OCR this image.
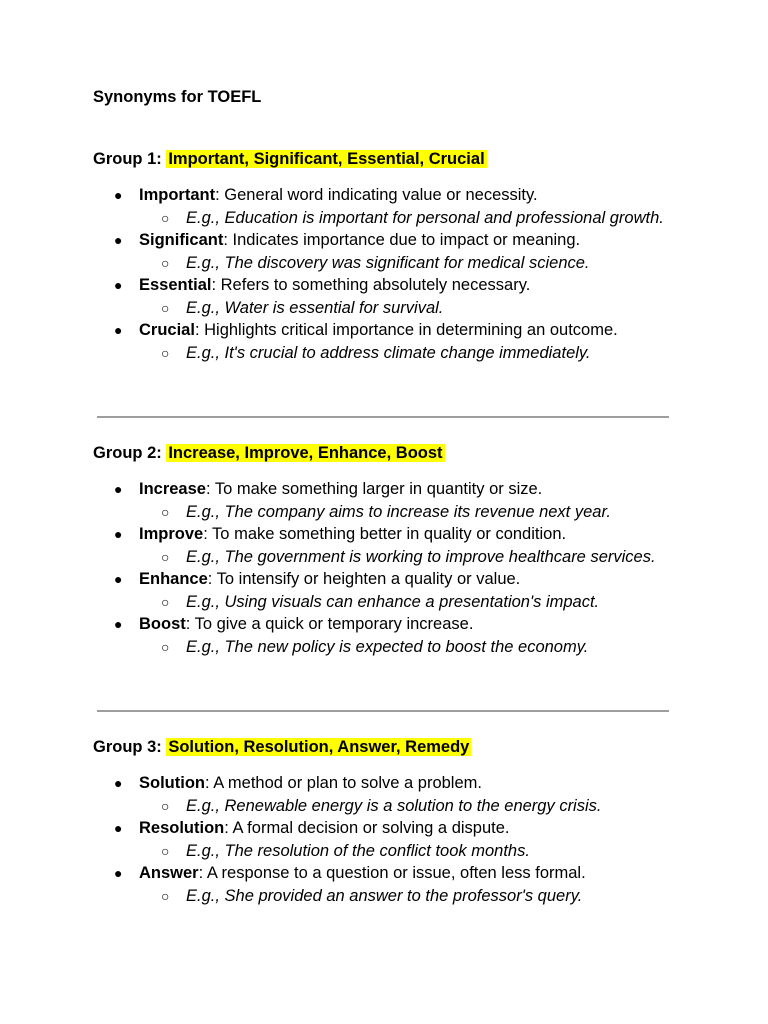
Synonyms for TOEFL

Group 1: Important, Significant, Essential, Crucial

● Important: General word indicating value or necessity.
○ E.g., Education is important for personal and professional growth.
● Significant: Indicates importance due to impact or meaning.
○ E.g., The discovery was significant for medical science.
● Essential: Refers to something absolutely necessary.
○ E.g., Water is essential for survival.
● Crucial: Highlights critical importance in determining an outcome.
○ E.g., It's crucial to address climate change immediately.

Group 2: Increase, Improve, Enhance, Boost

● Increase: To make something larger in quantity or size.
○ E.g., The company aims to increase its revenue next year.
● Improve: To make something better in quality or condition.
○ E.g., The government is working to improve healthcare services.
● Enhance: To intensify or heighten a quality or value.
○ E.g., Using visuals can enhance a presentation's impact.
● Boost: To give a quick or temporary increase.
○ E.g., The new policy is expected to boost the economy.

Group 3: Solution, Resolution, Answer, Remedy

● Solution: A method or plan to solve a problem.
○ E.g., Renewable energy is a solution to the energy crisis.
● Resolution: A formal decision or solving a dispute.
○ E.g., The resolution of the conflict took months.
● Answer: A response to a question or issue, often less formal.
○ E.g., She provided an answer to the professor's query.
